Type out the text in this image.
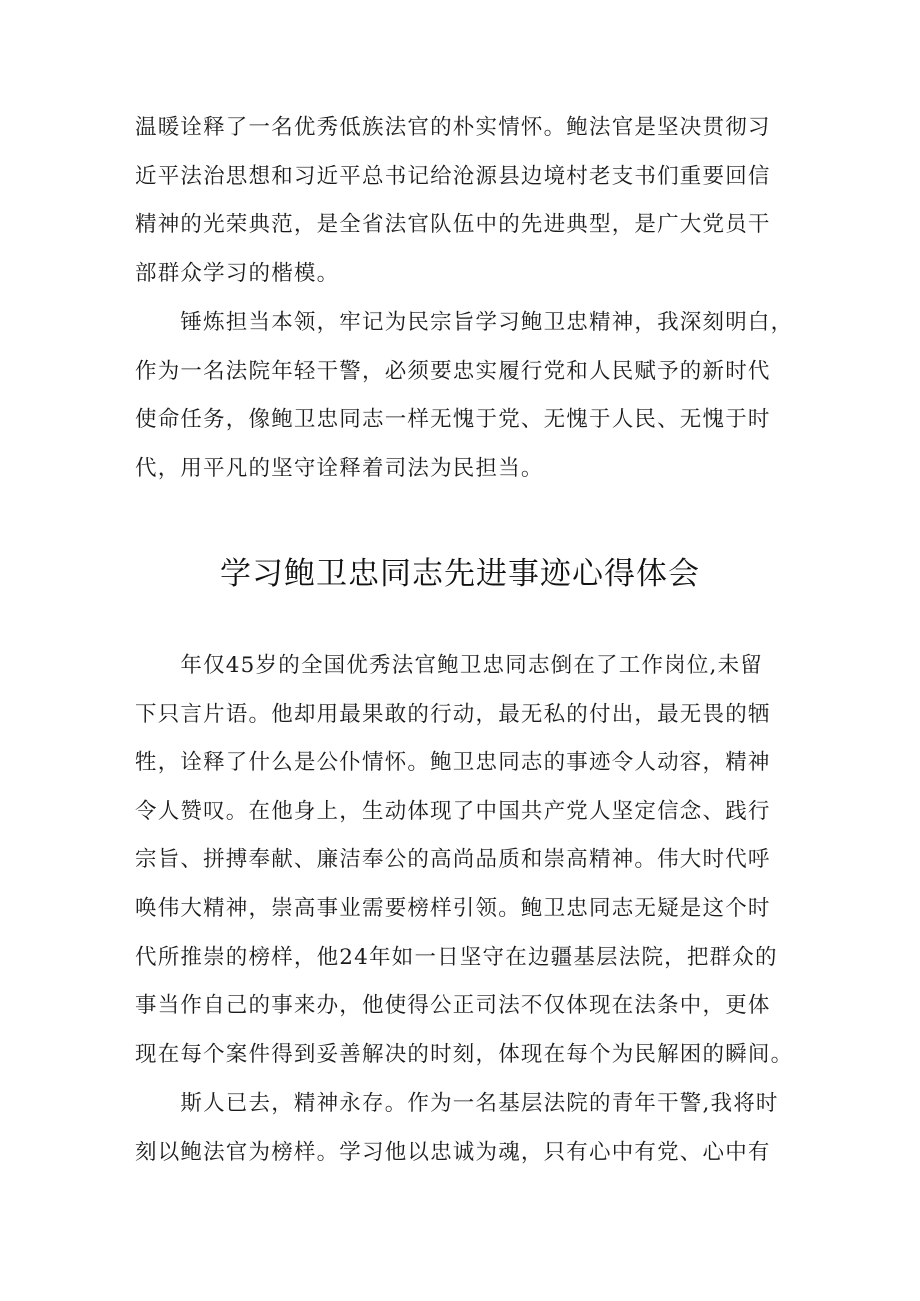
温暖诠释了一名优秀低族法官的朴实情怀。鲍法官是坚决贯彻习
近平法治思想和习近平总书记给沧源县边境村老支书们重要回信
精神的光荣典范，是全省法官队伍中的先进典型，是广大党员干
部群众学习的楷模。
　　锤炼担当本领，牢记为民宗旨学习鲍卫忠精神，我深刻明白，
作为一名法院年轻干警，必须要忠实履行党和人民赋予的新时代
使命任务，像鲍卫忠同志一样无愧于党、无愧于人民、无愧于时
代，用平凡的坚守诠释着司法为民担当。
学习鲍卫忠同志先进事迹心得体会
　　年仅45岁的全国优秀法官鲍卫忠同志倒在了工作岗位,未留
下只言片语。他却用最果敢的行动，最无私的付出，最无畏的牺
牲，诠释了什么是公仆情怀。鲍卫忠同志的事迹令人动容，精神
令人赞叹。在他身上，生动体现了中国共产党人坚定信念、践行
宗旨、拼搏奉献、廉洁奉公的高尚品质和崇高精神。伟大时代呼
唤伟大精神，崇高事业需要榜样引领。鲍卫忠同志无疑是这个时
代所推崇的榜样，他24年如一日坚守在边疆基层法院，把群众的
事当作自己的事来办，他使得公正司法不仅体现在法条中，更体
现在每个案件得到妥善解决的时刻，体现在每个为民解困的瞬间。
　　斯人已去，精神永存。作为一名基层法院的青年干警,我将时
刻以鲍法官为榜样。学习他以忠诚为魂，只有心中有党、心中有
